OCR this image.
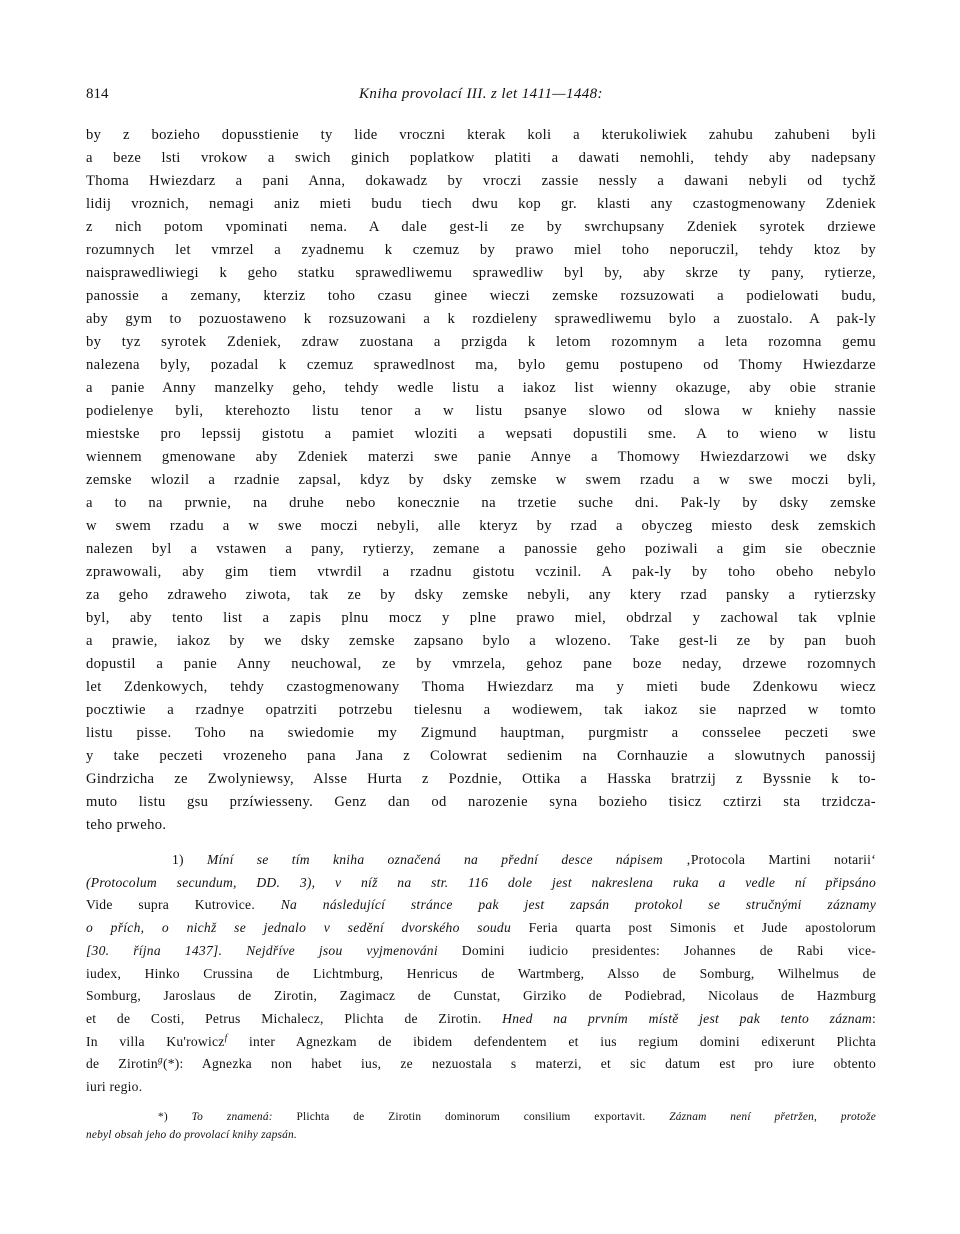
814	Kniha provolací III. z let 1411—1448:
by z bozieho dopusstienie ty lide vroczni kterak koli a kterukoliwiek zahubu zahubeni byli
a beze lsti vrokow a swich ginich poplatkow platiti a dawati nemohli, tehdy aby nadepsany
Thoma Hwiezdarz a pani Anna, dokawadz by vroczi zassie nessly a dawani nebyli od tychž
lidij vroznich, nemagi aniz mieti budu tiech dwu kop gr. klasti any czastogmenowany Zdeniek
z nich potom vpominati nema. A dale gest-li ze by swrchupsany Zdeniek syrotek drziewe
rozumnych let vmrzel a zyadnemu k czemuz by prawo miel toho neporuczil, tehdy ktoz by
naisprawedliwiegi k geho statku sprawedliwemu sprawedliw byl by, aby skrze ty pany, rytierze,
panossie a zemany, kterziz toho czasu ginee wieczi zemske rozsuzowati a podielowati budu,
aby gym to pozuostaweno k rozsuzowani a k rozdieleny sprawedliwemu bylo a zuostalo. A pak-ly
by tyz syrotek Zdeniek, zdraw zuostana a przigda k letom rozomnym a leta rozomna gemu
nalezena byly, pozadal k czemuz sprawedlnost ma, bylo gemu postupeno od Thomy Hwiezdarze
a panie Anny manzelky geho, tehdy wedle listu a iakoz list wienny okazuge, aby obie stranie
podielenye byli, kterehozto listu tenor a w listu psanye slowo od slowa w kniehy nassie
miestske pro lepssij gistotu a pamiet wloziti a wepsati dopustili sme. A to wieno w listu
wiennem gmenowane aby Zdeniek materzi swe panie Annye a Thomowy Hwiezdarzowi we dsky
zemske wlozil a rzadnie zapsal, kdyz by dsky zemske w swem rzadu a w swe moczi byli,
a to na prwnie, na druhe nebo konecznie na trzetie suche dni. Pak-ly by dsky zemske
w swem rzadu a w swe moczi nebyli, alle kteryz by rzad a obyczeg miesto desk zemskich
nalezen byl a vstawen a pany, rytierzy, zemane a panossie geho poziwali a gim sie obecznie
zprawowali, aby gim tiem vtwrdil a rzadnu gistotu vczinil. A pak-ly by toho obeho nebylo
za geho zdraweho ziwota, tak ze by dsky zemske nebyli, any ktery rzad pansky a rytierzsky
byl, aby tento list a zapis plnu mocz y plne prawo miel, obdrzal y zachowal tak vplnie
a prawie, iakoz by we dsky zemske zapsano bylo a wlozeno. Take gest-li ze by pan buoh
dopustil a panie Anny neuchowal, ze by vmrzela, gehoz pane boze neday, drzewe rozomnych
let Zdenkowych, tehdy czastogmenowany Thoma Hwiezdarz ma y mieti bude Zdenkowu wiecz
pocztiwie a rzadnye opatrziti potrzebu tielesnu a wodiewem, tak iakoz sie naprzed w tomto
listu pisse. Toho na swiedomie my Zigmund hauptman, purgmistr a consselee peczeti swe
y take peczeti vrozeneho pana Jana z Colowrat sedienim na Cornhauzie a slowutnych panossij
Gindrzicha ze Zwolyniewsy, Alsse Hurta z Pozdnie, Ottika a Hasska bratrzij z Byssnie k to-
muto listu gsu przíwiesseny. Genz dan od narozenie syna bozieho tisicz cztirzi sta trzidcza-
teho prweho.
1) Míní se tím kniha označená na přední desce nápisem ‚Protocola Martini notarii‘
(Protocolum secundum, DD. 3), v níž na str. 116 dole jest nakreslena ruka a vedle ní připsáno
Vide supra Kutrovice. Na následující stránce pak jest zapsán protokol se stručnými záznamy
o přích, o nichž se jednalo v sedění dvorského soudu Feria quarta post Simonis et Jude apostolorum
[30. října 1437]. Nejdříve jsou vyjmenováni Domini iudicio presidentes: Johannes de Rabi vice-
iudex, Hinko Crussina de Lichtmburg, Henricus de Wartmberg, Alsso de Somburg, Wilhelmus de
Somburg, Jaroslaus de Zirotin, Zagimacz de Cunstat, Girziko de Podiebrad, Nicolaus de Hazmburg
et de Costi, Petrus Michalecz, Plichta de Zirotin. Hned na prvním místě jest pak tento záznam:
In villa Ku'rowicz$^f$ inter Agnezkam de ibidem defendentem et ius regium domini edixerunt Plichta
de Zirotin$^g$(*): Agnezka non habet ius, ze nezuostala s materzi, et sic datum est pro iure obtento
iuri regio.
*) To znamená: Plichta de Zirotin dominorum consilium exportavit. Záznam není přetržen, protože
nebyl obsah jeho do provolací knihy zapsán.
